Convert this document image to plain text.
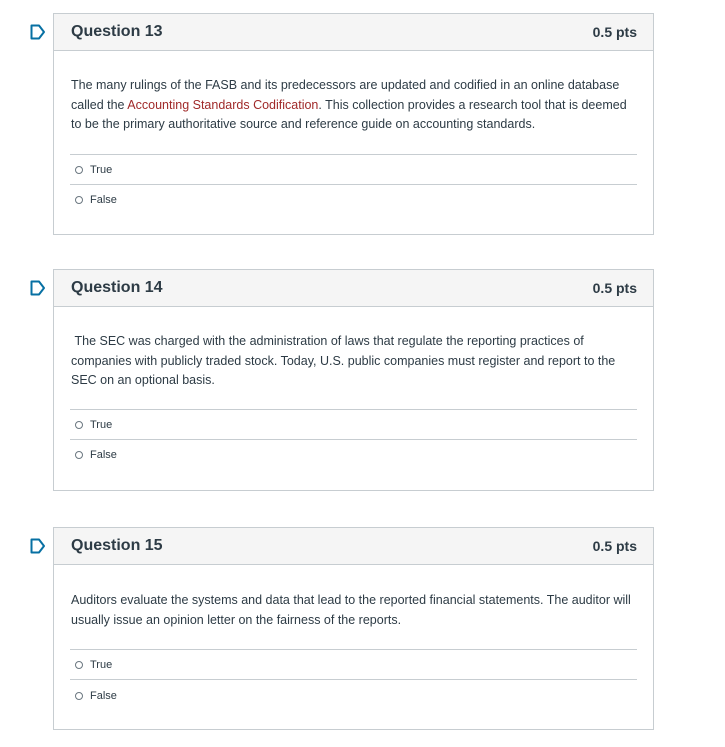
Question 13	0.5 pts

The many rulings of the FASB and its predecessors are updated and codified in an online database called the Accounting Standards Codification. This collection provides a research tool that is deemed to be the primary authoritative source and reference guide on accounting standards.

True
False
Question 14	0.5 pts

The SEC was charged with the administration of laws that regulate the reporting practices of companies with publicly traded stock. Today, U.S. public companies must register and report to the SEC on an optional basis.

True
False
Question 15	0.5 pts

Auditors evaluate the systems and data that lead to the reported financial statements. The auditor will usually issue an opinion letter on the fairness of the reports.

True
False
